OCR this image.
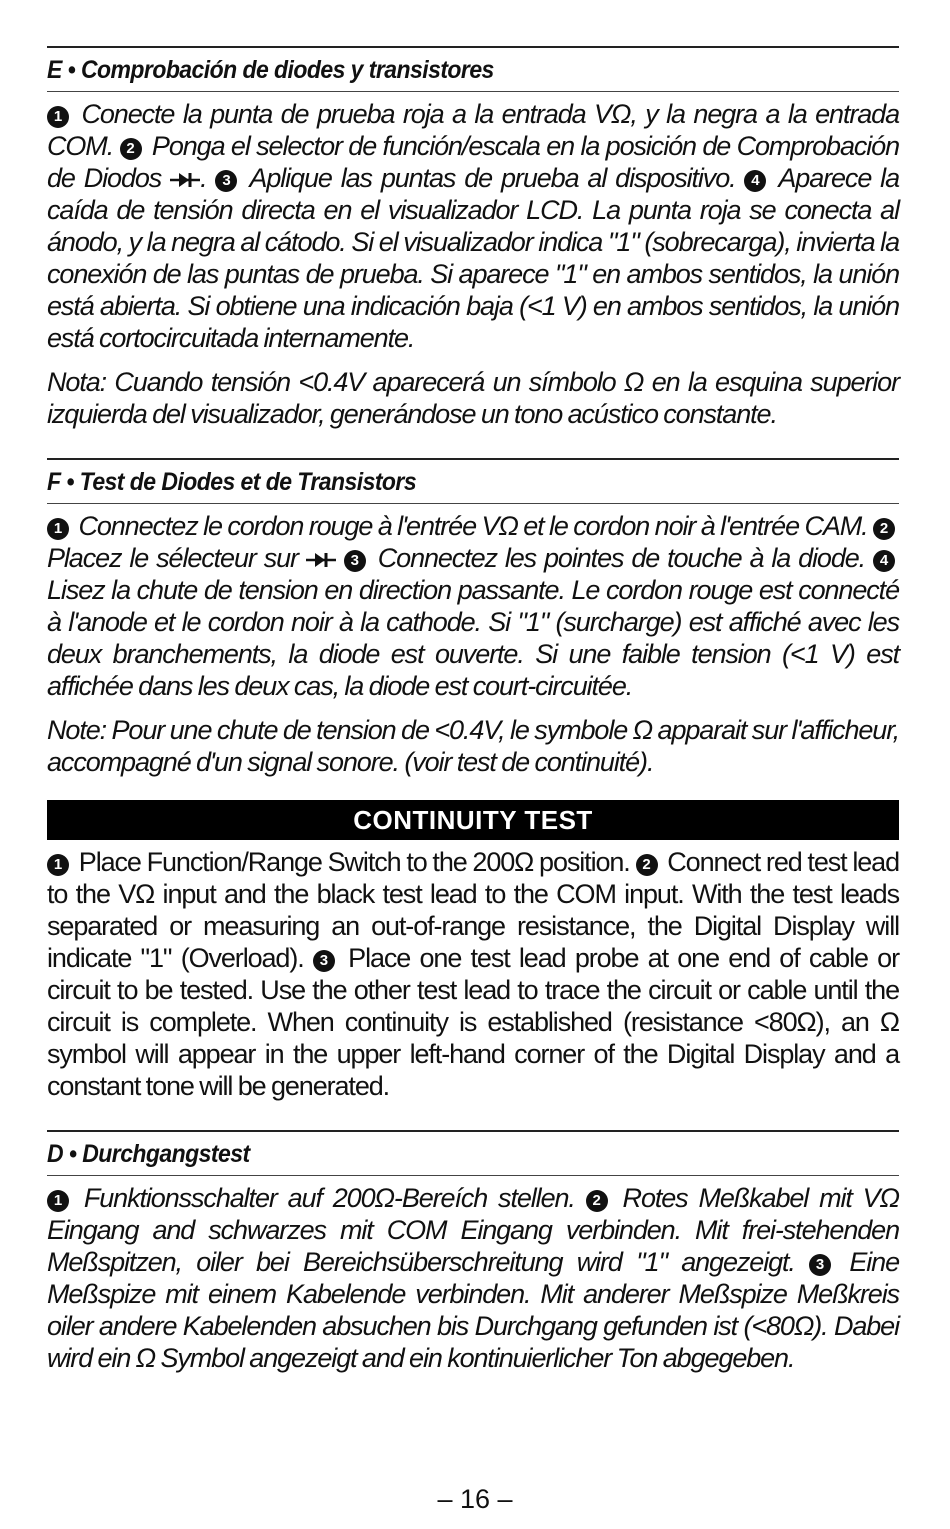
E • Comprobación de diodes y transistores

1 Conecte la punta de prueba roja a la entrada VΩ, y la negra a la entrada COM. 2 Ponga el selector de función/escala en la posición de Comprobación de Diodos . 3 Aplique las puntas de prueba al dispositivo. 4 Aparece la caída de tensión directa en el visualizador LCD. La punta roja se conecta al ánodo, y la negra al cátodo. Si el visualizador indica "1" (sobrecarga), invierta la conexión de las puntas de prueba. Si aparece "1" en ambos sentidos, la unión está abierta. Si obtiene una indicación baja (<1 V) en ambos sentidos, la unión está cortocircuitada internamente.

Nota: Cuando tensión <0.4V aparecerá un símbolo Ω en la esquina superior izquierda del visualizador, generándose un tono acústico constante.

F • Test de Diodes et de Transistors

1 Connectez le cordon rouge à l'entrée VΩ et le cordon noir à l'entrée CAM. 2 Placez le sélecteur sur	3 Connectez les pointes de touche à la diode. 4 Lisez la chute de tension en direction passante. Le cordon rouge est connecté à l'anode et le cordon noir à la cathode. Si "1" (surcharge) est affiché avec les deux branchements, la diode est ouverte. Si une faible tension (<1 V) est affichée dans les deux cas, la diode est court-circuitée.

Note: Pour une chute de tension de <0.4V, le symbole Ω apparait sur l'afficheur, accompagné d'un signal sonore. (voir test de continuité).

CONTINUITY TEST

1 Place Function/Range Switch to the 200Ω position. 2 Connect red test lead to the VΩ input and the black test lead to the COM input. With the test leads separated or measuring an out-of-range resistance, the Digital Display will indicate "1" (Overload). 3 Place one test lead probe at one end of cable or circuit to be tested. Use the other test lead to trace the circuit or cable until the circuit is complete. When continuity is established (resistance <80Ω), an Ω symbol will appear in the upper left-hand corner of the Digital Display and a constant tone will be generated.

D • Durchgangstest

1 Funktionsschalter auf 200Ω-Bereích stellen. 2 Rotes Meßkabel mit VΩ Eingang and schwarzes mit COM Eingang verbinden. Mit frei-stehenden Meßspitzen, oiler bei Bereichsüberschreitung wird "1" angezeigt. 3 Eine Meßspize mit einem Kabelende verbinden. Mit anderer Meßspize Meßkreis oiler andere Kabelenden absuchen bis Durchgang gefunden ist (<80Ω). Dabei wird ein Ω Symbol angezeigt and ein kontinuierlicher Ton abgegeben.

– 16 –
